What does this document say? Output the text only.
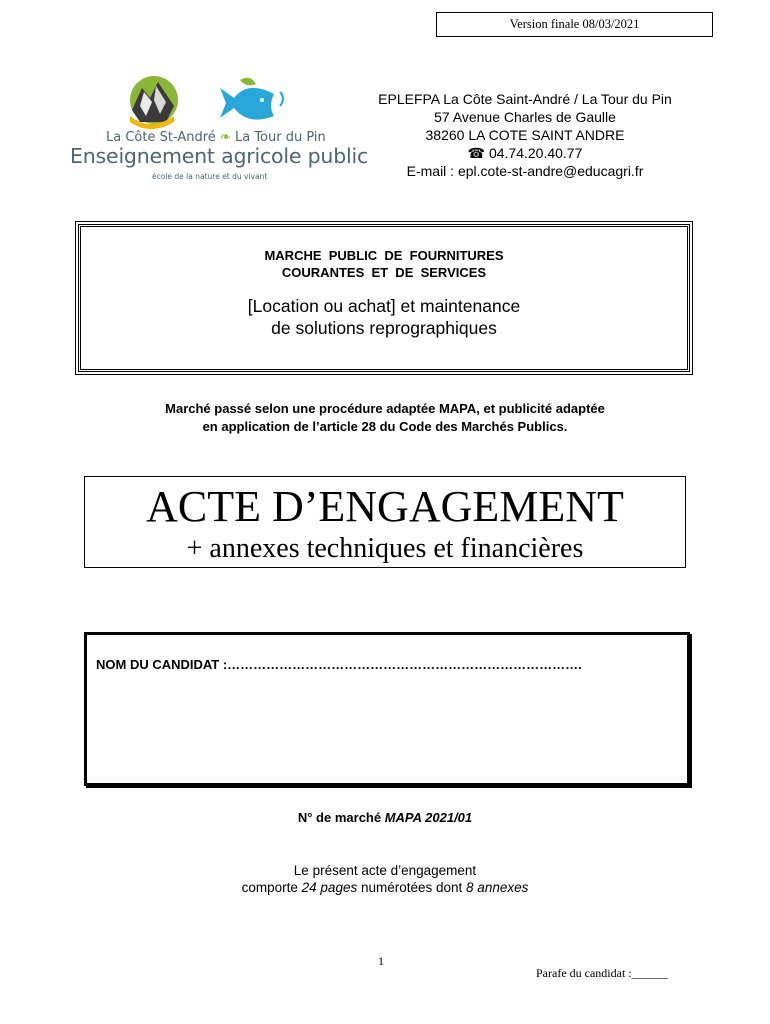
Version finale 08/03/2021
La Côte St-André ❧ La Tour du Pin
Enseignement agricole public
école de la nature et du vivant
EPLEFPA La Côte Saint-André / La Tour du Pin
57 Avenue Charles de Gaulle
38260 LA COTE SAINT ANDRE
☎ 04.74.20.40.77
E-mail : epl.cote-st-andre@educagri.fr
MARCHE  PUBLIC  DE  FOURNITURES
COURANTES  ET  DE  SERVICES
[Location ou achat] et maintenance
de solutions reprographiques
Marché passé selon une procédure adaptée MAPA, et publicité adaptée
en application de l’article 28 du Code des Marchés Publics.
ACTE D’ENGAGEMENT
+ annexes techniques et financières
NOM DU CANDIDAT :……………………………………………………………………….
N° de marché MAPA 2021/01
Le présent acte d’engagement
comporte 24 pages numérotées dont 8 annexes
1
Parafe du candidat :______
